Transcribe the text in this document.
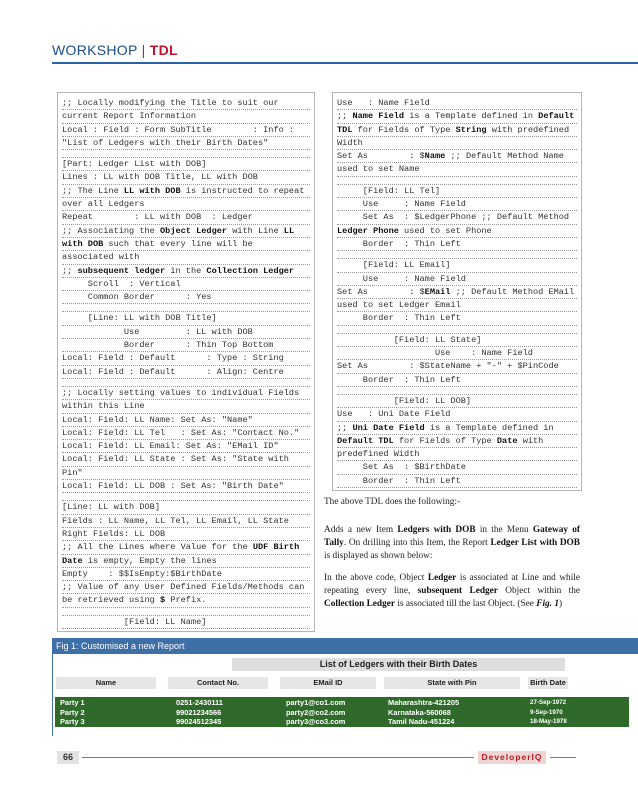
WORKSHOP | TDL
;; Locally modifying the Title to suit our
current Report Information
Local : Field : Form SubTitle        : Info :
"List of Ledgers with their Birth Dates"
[Part: Ledger List with DOB]
Lines : LL with DOB Title, LL with DOB
;; The Line LL with DOB is instructed to repeat
over all Ledgers
Repeat        : LL with DOB  : Ledger
;; Associating the Object Ledger with Line LL
with DOB such that every line will be
associated with
;; subsequent ledger in the Collection Ledger
Scroll  : Vertical
Common Border      : Yes
[Line: LL with DOB Title]
Use         : LL with DOB
Border      : Thin Top Bottom
Local: Field : Default      : Type : String
Local: Field : Default      : Align: Centre
;; Locally setting values to individual Fields
within this Line
Local: Field: LL Name: Set As: "Name"
Local: Field: LL Tel   : Set As: "Contact No."
Local: Field: LL Email: Set As: "EMail ID"
Local: Field: LL State : Set As: "State with
Pin"
Local: Field: LL DOB : Set As: "Birth Date"
[Line: LL with DOB]
Fields : LL Name, LL Tel, LL Email, LL State
Right Fields: LL DOB
;; All the Lines where Value for the UDF Birth
Date is empty, Empty the lines
Empty    : $$IsEmpty:$BirthDate
;; Value of any User Defined Fields/Methods can
be retrieved using $ Prefix.
[Field: LL Name]
Use   : Name Field
;; Name Field is a Template defined in Default
TDL for Fields of Type String with predefined
Width
Set As        : $Name ;; Default Method Name
used to set Name
[Field: LL Tel]
Use     : Name Field
Set As  : $LedgerPhone ;; Default Method
Ledger Phone used to set Phone
Border  : Thin Left
[Field: LL Email]
Use     : Name Field
Set As        : $EMail ;; Default Method EMail
used to set Ledger Email
Border  : Thin Left
[Field: LL State]
Use    : Name Field
Set As        : $StateName + "-" + $PinCode
Border  : Thin Left
[Field: LL DOB]
Use   : Uni Date Field
;; Uni Date Field is a Template defined in
Default TDL for Fields of Type Date with
predefined Width
Set As  : $BirthDate
Border  : Thin Left
The above TDL does the following:-
Adds a new Item Ledgers with DOB in the Menu Gateway of Tally. On drilling into this Item, the Report Ledger List with DOB is displayed as shown below:
In the above code, Object Ledger is associated at Line and while repeating every line, subsequent Ledger Object within the Collection Ledger is associated till the last Object. (See Fig. 1)
Fig 1: Customised a new Report
List of Ledgers with their Birth Dates
Name	Contact No.	EMail ID	State with Pin	Birth Date
66	DeveloperIQ
Party 1	0251-2430111	party1@co1.com	Maharashtra-421205	27-Sep-1972
Party 2	99021234566	party2@co2.com	Karnataka-560068	9-Sep-1970
Party 3	99024512345	party3@co3.com	Tamil Nadu-451224	18-May-1978
